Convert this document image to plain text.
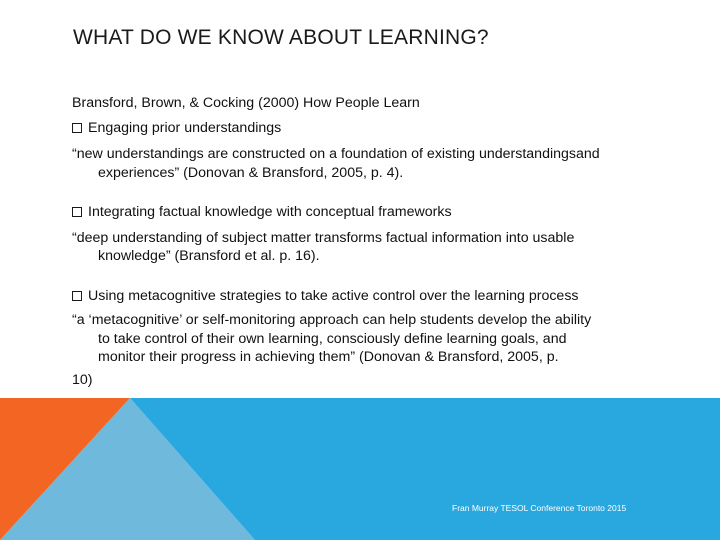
WHAT DO WE KNOW ABOUT LEARNING?

Bransford, Brown, & Cocking (2000) How People Learn

Engaging prior understandings

“new understandings are constructed on a foundation of existing understandingsand

experiences” (Donovan & Bransford, 2005, p. 4).

Integrating factual knowledge with conceptual frameworks

“deep understanding of subject matter transforms factual information into usable

knowledge” (Bransford et al. p. 16).

Using metacognitive strategies to take active control over the learning process

“a ‘metacognitive’ or self-monitoring approach can help students develop the ability

to take control of their own learning, consciously define learning goals, and

monitor their progress in achieving them” (Donovan & Bransford, 2005, p.

10)

Fran Murray TESOL Conference Toronto 2015
